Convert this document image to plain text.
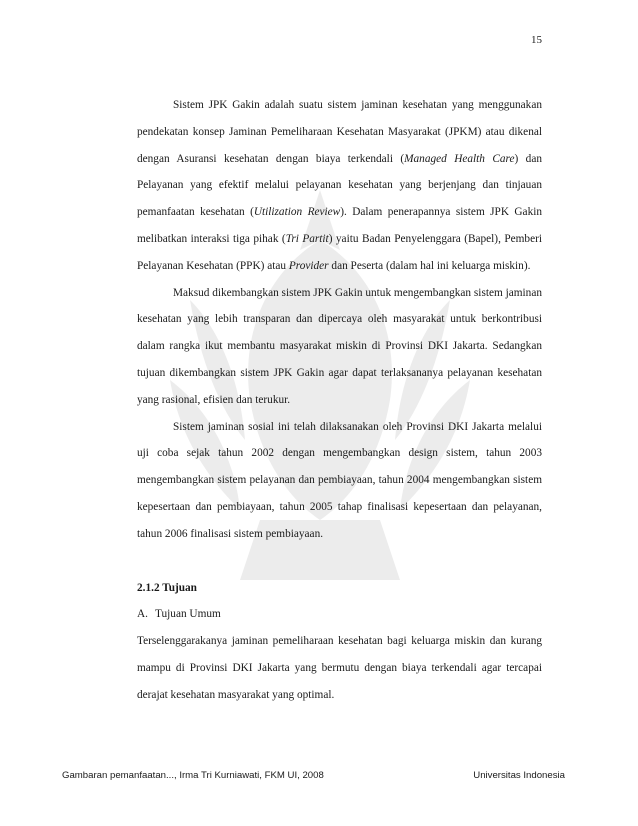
15

Sistem JPK Gakin adalah suatu sistem jaminan kesehatan yang menggunakan pendekatan konsep Jaminan Pemeliharaan Kesehatan Masyarakat (JPKM) atau dikenal dengan Asuransi kesehatan dengan biaya terkendali (Managed Health Care) dan Pelayanan yang efektif melalui pelayanan kesehatan yang berjenjang dan tinjauan pemanfaatan kesehatan (Utilization Review). Dalam penerapannya sistem JPK Gakin melibatkan interaksi tiga pihak (Tri Partit) yaitu Badan Penyelenggara (Bapel), Pemberi Pelayanan Kesehatan (PPK) atau Provider dan Peserta (dalam hal ini keluarga miskin).

Maksud dikembangkan sistem JPK Gakin untuk mengembangkan sistem jaminan kesehatan yang lebih transparan dan dipercaya oleh masyarakat untuk berkontribusi dalam rangka ikut membantu masyarakat miskin di Provinsi DKI Jakarta. Sedangkan tujuan dikembangkan sistem JPK Gakin agar dapat terlaksananya pelayanan kesehatan yang rasional, efisien dan terukur.

Sistem jaminan sosial ini telah dilaksanakan oleh Provinsi DKI Jakarta melalui uji coba sejak tahun 2002 dengan mengembangkan design sistem, tahun 2003 mengembangkan sistem pelayanan dan pembiayaan, tahun 2004 mengembangkan sistem kepesertaan dan pembiayaan, tahun 2005 tahap finalisasi kepesertaan dan pelayanan, tahun 2006 finalisasi sistem pembiayaan.

2.1.2 Tujuan

A. Tujuan Umum

Terselenggarakanya jaminan pemeliharaan kesehatan bagi keluarga miskin dan kurang mampu di Provinsi DKI Jakarta yang bermutu dengan biaya terkendali agar tercapai derajat kesehatan masyarakat yang optimal.

Gambaran pemanfaatan..., Irma Tri Kurniawati, FKM UI, 2008	Universitas Indonesia
